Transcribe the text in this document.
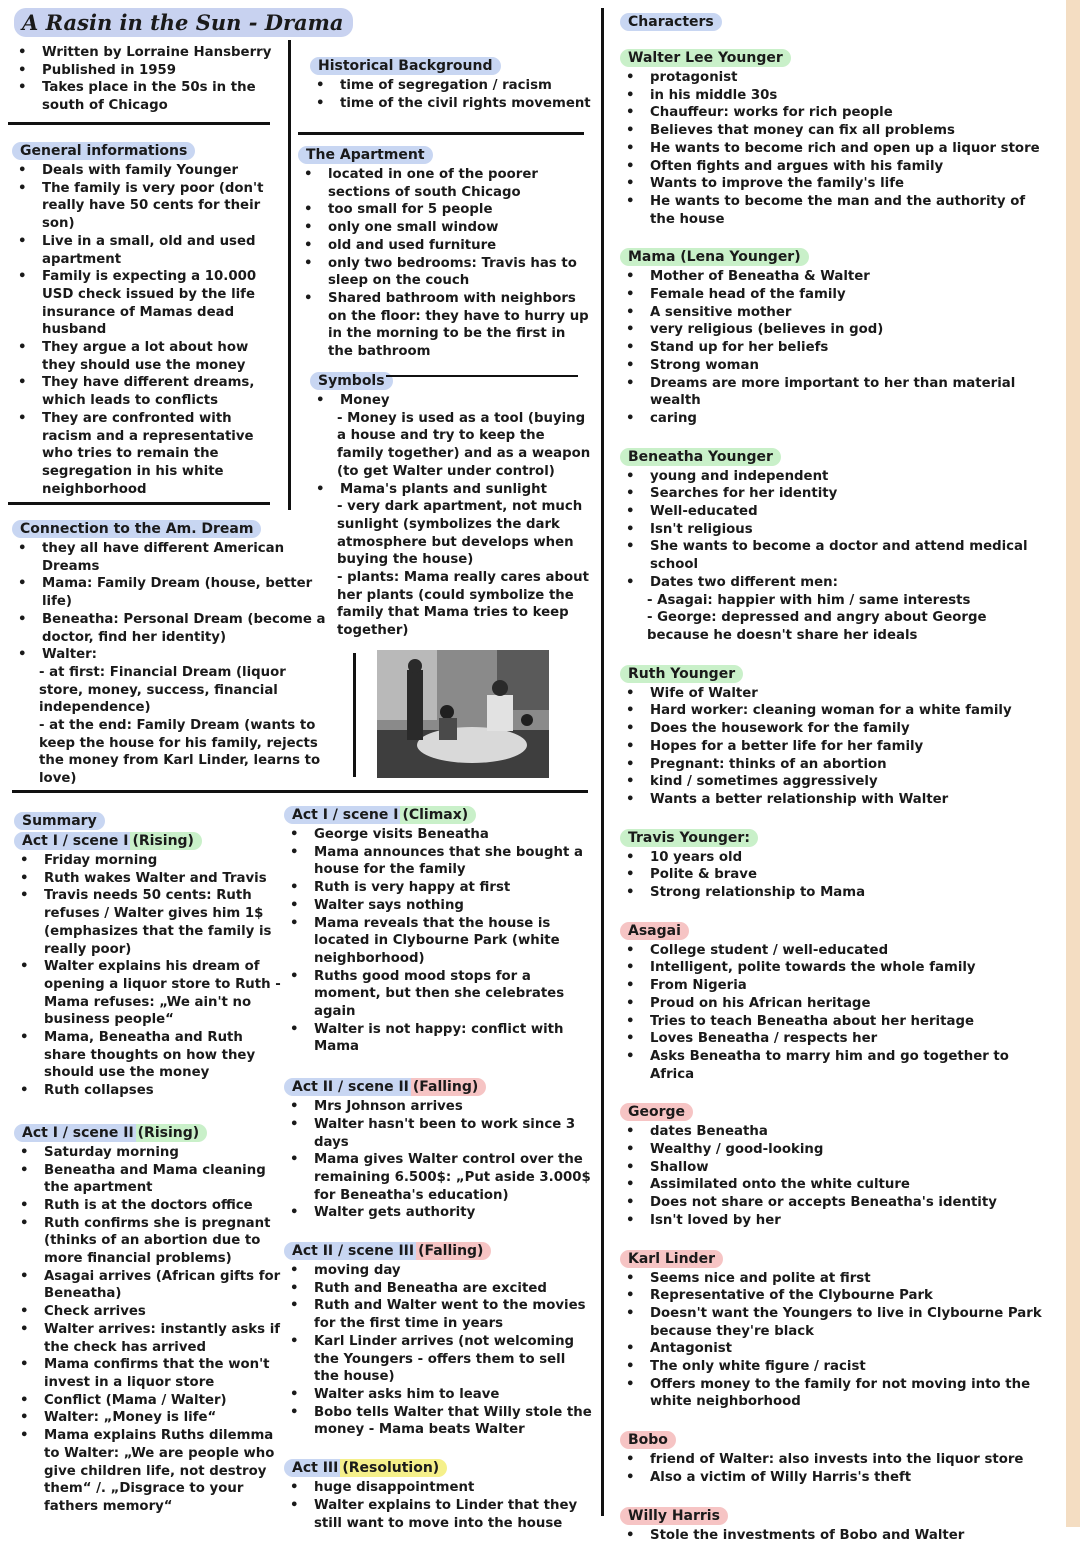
A Rasin in the Sun - Drama
• Written by Lorraine Hansberry
• Published in 1959
• Takes place in the 50s in the south of Chicago
General informations
• Deals with family Younger
• The family is very poor (don't really have 50 cents for their son)
• Live in a small, old and used apartment
• Family is expecting a 10.000 USD check issued by the life insurance of Mamas dead husband
• They argue a lot about how they should use the money
• They have different dreams, which leads to conflicts
• They are confronted with racism and a representative who tries to remain the segregation in his white neighborhood
Historical Background
• time of segregation / racism
• time of the civil rights movement
The Apartment
• located in one of the poorer sections of south Chicago
• too small for 5 people
• only one small window
• old and used furniture
• only two bedrooms: Travis has to sleep on the couch
• Shared bathroom with neighbors on the floor: they have to hurry up in the morning to be the first in the bathroom
Symbols
• Money
- Money is used as a tool (buying a house and try to keep the family together) and as a weapon (to get Walter under control)
• Mama's plants and sunlight
- very dark apartment, not much sunlight (symbolizes the dark atmosphere but develops when buying the house)
- plants: Mama really cares about her plants (could symbolize the family that Mama tries to keep together)
Connection to the Am. Dream
• they all have different American Dreams
• Mama: Family Dream (house, better life)
• Beneatha: Personal Dream (become a doctor, find her identity)
• Walter:
- at first: Financial Dream (liquor store, money, success, financial independence)
- at the end: Family Dream (wants to keep the house for his family, rejects the money from Karl Linder, learns to love)
Summary
Act I / scene I (Rising)
• Friday morning
• Ruth wakes Walter and Travis
• Travis needs 50 cents: Ruth refuses / Walter gives him 1$ (emphasizes that the family is really poor)
• Walter explains his dream of opening a liquor store to Ruth - Mama refuses: „We ain't no business people“
• Mama, Beneatha and Ruth share thoughts on how they should use the money
• Ruth collapses
Act I / scene II (Rising)
• Saturday morning
• Beneatha and Mama cleaning the apartment
• Ruth is at the doctors office
• Ruth confirms she is pregnant (thinks of an abortion due to more financial problems)
• Asagai arrives (African gifts for Beneatha)
• Check arrives
• Walter arrives: instantly asks if the check has arrived
• Mama confirms that the won't invest in a liquor store
• Conflict (Mama / Walter)
• Walter: „Money is life“
• Mama explains Ruths dilemma to Walter: „We are people who give children life, not destroy them“ /. „Disgrace to your fathers memory“
Act I / scene I (Climax)
• George visits Beneatha
• Mama announces that she bought a house for the family
• Ruth is very happy at first
• Walter says nothing
• Mama reveals that the house is located in Clybourne Park (white neighborhood)
• Ruths good mood stops for a moment, but then she celebrates again
• Walter is not happy: conflict with Mama
Act II / scene II (Falling)
• Mrs Johnson arrives
• Walter hasn't been to work since 3 days
• Mama gives Walter control over the remaining 6.500$: „Put aside 3.000$ for Beneatha's education)
• Walter gets authority
Act II / scene III (Falling)
• moving day
• Ruth and Beneatha are excited
• Ruth and Walter went to the movies for the first time in years
• Karl Linder arrives (not welcoming the Youngers - offers them to sell the house)
• Walter asks him to leave
• Bobo tells Walter that Willy stole the money - Mama beats Walter
Act III (Resolution)
• huge disappointment
• Walter explains to Linder that they still want to move into the house
Characters
Walter Lee Younger
• protagonist
• in his middle 30s
• Chauffeur: works for rich people
• Believes that money can fix all problems
• He wants to become rich and open up a liquor store
• Often fights and argues with his family
• Wants to improve the family's life
• He wants to become the man and the authority of the house
Mama (Lena Younger)
• Mother of Beneatha & Walter
• Female head of the family
• A sensitive mother
• very religious (believes in god)
• Stand up for her beliefs
• Strong woman
• Dreams are more important to her than material wealth
• caring
Beneatha Younger
• young and independent
• Searches for her identity
• Well-educated
• Isn't religious
• She wants to become a doctor and attend medical school
• Dates two different men:
- Asagai: happier with him / same interests
- George: depressed and angry about George because he doesn't share her ideals
Ruth Younger
• Wife of Walter
• Hard worker: cleaning woman for a white family
• Does the housework for the family
• Hopes for a better life for her family
• Pregnant: thinks of an abortion
• kind / sometimes aggressively
• Wants a better relationship with Walter
Travis Younger:
• 10 years old
• Polite & brave
• Strong relationship to Mama
Asagai
• College student / well-educated
• Intelligent, polite towards the whole family
• From Nigeria
• Proud on his African heritage
• Tries to teach Beneatha about her heritage
• Loves Beneatha / respects her
• Asks Beneatha to marry him and go together to Africa
George
• dates Beneatha
• Wealthy / good-looking
• Shallow
• Assimilated onto the white culture
• Does not share or accepts Beneatha's identity
• Isn't loved by her
Karl Linder
• Seems nice and polite at first
• Representative of the Clybourne Park
• Doesn't want the Youngers to live in Clybourne Park because they're black
• Antagonist
• The only white figure / racist
• Offers money to the family for not moving into the white neighborhood
Bobo
• friend of Walter: also invests into the liquor store
• Also a victim of Willy Harris's theft
Willy Harris
• Stole the investments of Bobo and Walter
